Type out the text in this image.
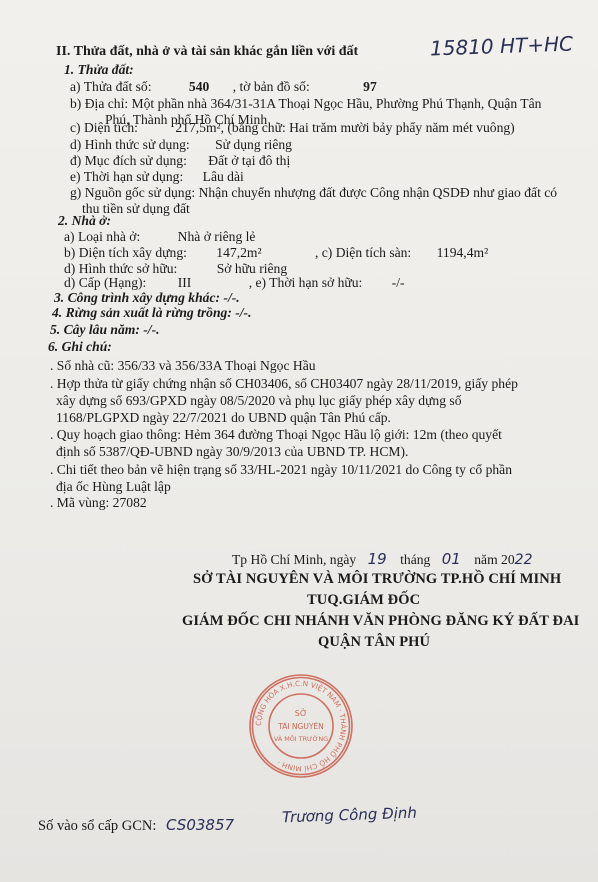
15810 HT+HC
II. Thửa đất, nhà ở và tài sản khác gắn liền với đất
1. Thửa đất:
a) Thửa đất số:	540 , tờ bản đồ số:	97
b) Địa chỉ: Một phần nhà 364/31-31A Thoại Ngọc Hầu, Phường Phú Thạnh, Quận Tân
Phú, Thành phố Hồ Chí Minh
c) Diện tích:	217,5m², (bằng chữ: Hai trăm mười bảy phẩy năm mét vuông)
d) Hình thức sử dụng: Sử dụng riêng
đ) Mục đích sử dụng: Đất ở tại đô thị
e) Thời hạn sử dụng: Lâu dài
g) Nguồn gốc sử dụng: Nhận chuyển nhượng đất được Công nhận QSDĐ như giao đất có
thu tiền sử dụng đất
2. Nhà ở:
a) Loại nhà ở:	Nhà ở riêng lẻ
b) Diện tích xây dựng: 147,2m²	, c) Diện tích sàn: 1194,4m²
d) Hình thức sở hữu:	Sở hữu riêng
d) Cấp (Hạng): III	, e) Thời hạn sở hữu: -/-
3. Công trình xây dựng khác: -/-.
4. Rừng sản xuất là rừng trồng: -/-.
5. Cây lâu năm: -/-.
6. Ghi chú:
. Số nhà cũ: 356/33 và 356/33A Thoại Ngọc Hầu
. Hợp thửa từ giấy chứng nhận số CH03406, số CH03407 ngày 28/11/2019, giấy phép
xây dựng số 693/GPXD ngày 08/5/2020 và phụ lục giấy phép xây dựng số
1168/PLGPXD ngày 22/7/2021 do UBND quận Tân Phú cấp.
. Quy hoạch giao thông: Hẻm 364 đường Thoại Ngọc Hầu lộ giới: 12m (theo quyết
định số 5387/QĐ-UBND ngày 30/9/2013 của UBND TP. HCM).
. Chi tiết theo bản vẽ hiện trạng số 33/HL-2021 ngày 10/11/2021 do Công ty cổ phần
địa ốc Hùng Luật lập
. Mã vùng: 27082
Tp Hồ Chí Minh, ngày 19 tháng 01 năm 2022
SỞ TÀI NGUYÊN VÀ MÔI TRƯỜNG TP.HỒ CHÍ MINH
TUQ.GIÁM ĐỐC
GIÁM ĐỐC CHI NHÁNH VĂN PHÒNG ĐĂNG KÝ ĐẤT ĐAI
QUẬN TÂN PHÚ
CỘNG HÒA X.H.C.N VIỆT NAM · THÀNH PHỐ HỒ CHÍ MINH ·
SỞ
TÀI NGUYÊN
VÀ MÔI TRƯỜNG
Trương Công Định
Số vào sổ cấp GCN: CS03857
